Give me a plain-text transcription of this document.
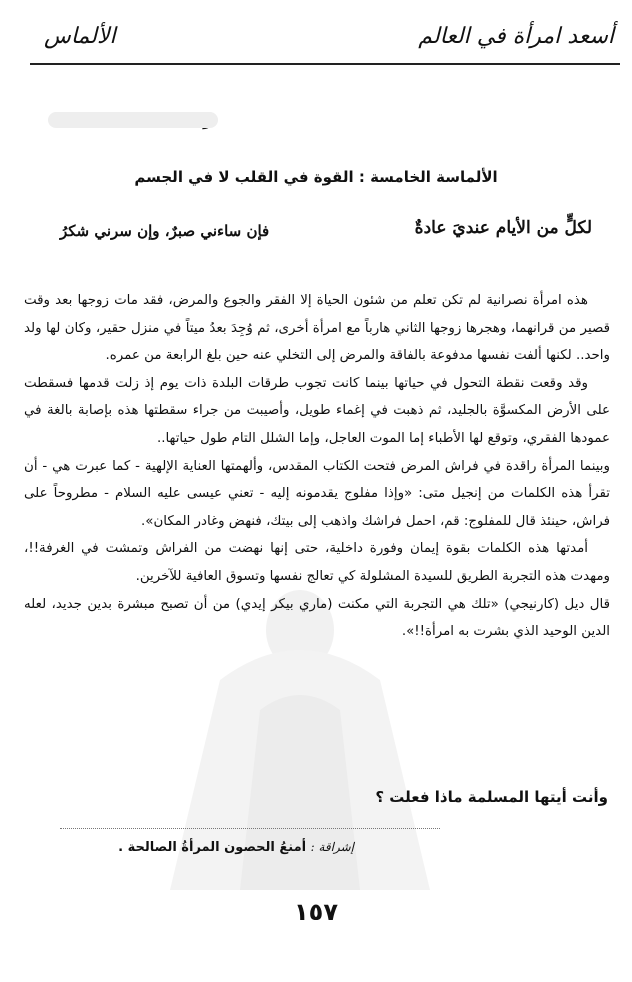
أسعد امرأة في العالم
الألماس
الألماسة الخامسة : القوة في القلب لا في الجسم
لكلٍّ من الأيام عنديَ عادةٌ
فإن ساءني صبرٌ، وإن سرني شكرُ

هذه امرأة نصرانية لم تكن تعلم من شئون الحياة إلا الفقر والجوع والمرض، فقد مات زوجها بعد وقت قصير من قرانهما، وهجرها زوجها الثاني هارباً مع امرأة أخرى، ثم وُجِدَ بعدُ ميتاً في منزل حقير، وكان لها ولد واحد.. لكنها ألفت نفسها مدفوعة بالفاقة والمرض إلى التخلي عنه حين بلغ الرابعة من عمره.

وقد وقعت نقطة التحول في حياتها بينما كانت تجوب طرقات البلدة ذات يوم إذ زلت قدمها فسقطت على الأرض المكسوَّة بالجليد، ثم ذهبت في إغماء طويل، وأصيبت من جراء سقطتها هذه بإصابة بالغة في عمودها الفقري، وتوقع لها الأطباء إما الموت العاجل، وإما الشلل التام طول حياتها..

وبينما المرأة راقدة في فراش المرض فتحت الكتاب المقدس، وألهمتها العناية الإلهية - كما عبرت هي - أن تقرأ هذه الكلمات من إنجيل متى: «وإذا مفلوج يقدمونه إليه - تعني عيسى عليه السلام - مطروحاً على فراش، حينئذ قال للمفلوج: قم، احمل فراشك واذهب إلى بيتك، فنهض وغادر المكان».

أمدتها هذه الكلمات بقوة إيمان وفورة داخلية، حتى إنها نهضت من الفراش وتمشت في الغرفة!!، ومهدت هذه التجربة الطريق للسيدة المشلولة كي تعالج نفسها وتسوق العافية للآخرين.

قال ديل (كارنيجي) «تلك هي التجربة التي مكنت (ماري بيكر إيدي) من أن تصبح مبشرة بدين جديد، لعله الدين الوحيد الذي بشرت به امرأة!!».

وأنت أيتها المسلمة ماذا فعلت ؟
إشراقة : أمنعُ الحصون المرأةُ الصالحة .
١٥٧
